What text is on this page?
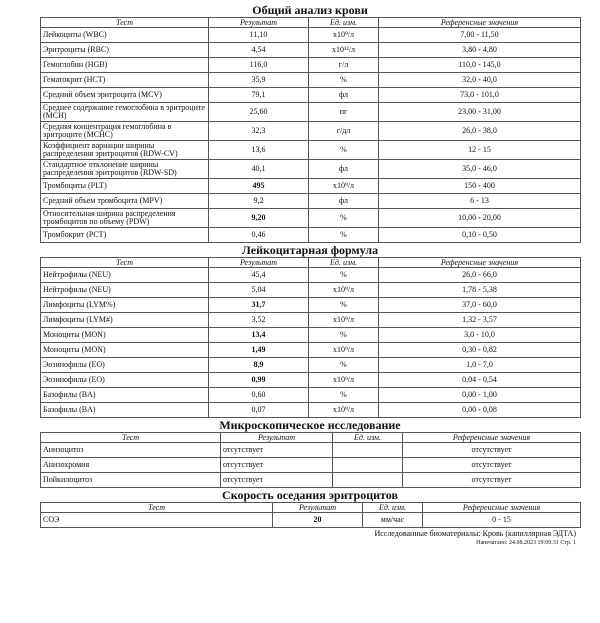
Общий анализ крови
Тест	Результат	Ед. изм.	Референсные значения
Лейкоциты (WBC)	11,10	x10⁹/л	7,00 - 11,50
Эритроциты (RBC)	4,54	x10¹²/л	3,80 - 4,80
Гемоглобин (HGB)	116,0	г/л	110,0 - 145,0
Гематокрит (HCT)	35,9	%	32,0 - 40,0
Средний объем эритроцита (MCV)	79,1	фл	73,0 - 101,0
Среднее содержание гемоглобина в эритроците (MCH)	25,60	пг	23,00 - 31,00
Средняя концентрация гемоглобина в эритроците (MCHC)	32,3	г/дл	26,0 - 38,0
Коэффициент вариации ширины распределения эритроцитов (RDW-CV)	13,6	%	12 - 15
Стандартное отклонение ширины распределения эритроцитов (RDW-SD)	40,1	фл	35,0 - 46,0
Тромбоциты (PLT)	495	x10⁹/л	150 - 400
Средний объем тромбоцита (MPV)	9,2	фл	6 - 13
Относительная ширина распределения тромбоцитов по объему (PDW)	9,20	%	10,00 - 20,00
Тромбокрит (PCT)	0,46	%	0,10 - 0,50
Лейкоцитарная формула
Тест	Результат	Ед. изм.	Референсные значения
Нейтрофилы (NEU)	45,4	%	26,0 - 66,0
Нейтрофилы (NEU)	5,04	x10⁹/л	1,78 - 5,38
Лимфоциты (LYM%)	31,7	%	37,0 - 60,0
Лимфоциты (LYM#)	3,52	x10⁹/л	1,32 - 3,57
Моноциты (MON)	13,4	%	3,0 - 10,0
Моноциты (MON)	1,49	x10⁹/л	0,30 - 0,82
Эозинофилы (EO)	8,9	%	1,0 - 7,0
Эозинофилы (EO)	0,99	x10⁹/л	0,04 - 0,54
Базофилы (BA)	0,60	%	0,00 - 1,00
Базофилы (BA)	0,07	x10⁹/л	0,00 - 0,08
Микроскопическое исследование
Тест	Результат	Ед. изм.	Референсные значения
Анизоцитоз	отсутствует		отсутствует
Анизохромия	отсутствует		отсутствует
Пойкилоцитоз	отсутствует		отсутствует
Скорость оседания эритроцитов
Тест	Результат	Ед. изм.	Референсные значения
СОЭ	20	мм/час	0 - 15
Исследованные биоматериалы: Кровь (капиллярная ЭДТА)
Напечатано: 24.08.2023 19:09:31 Стр. 1
